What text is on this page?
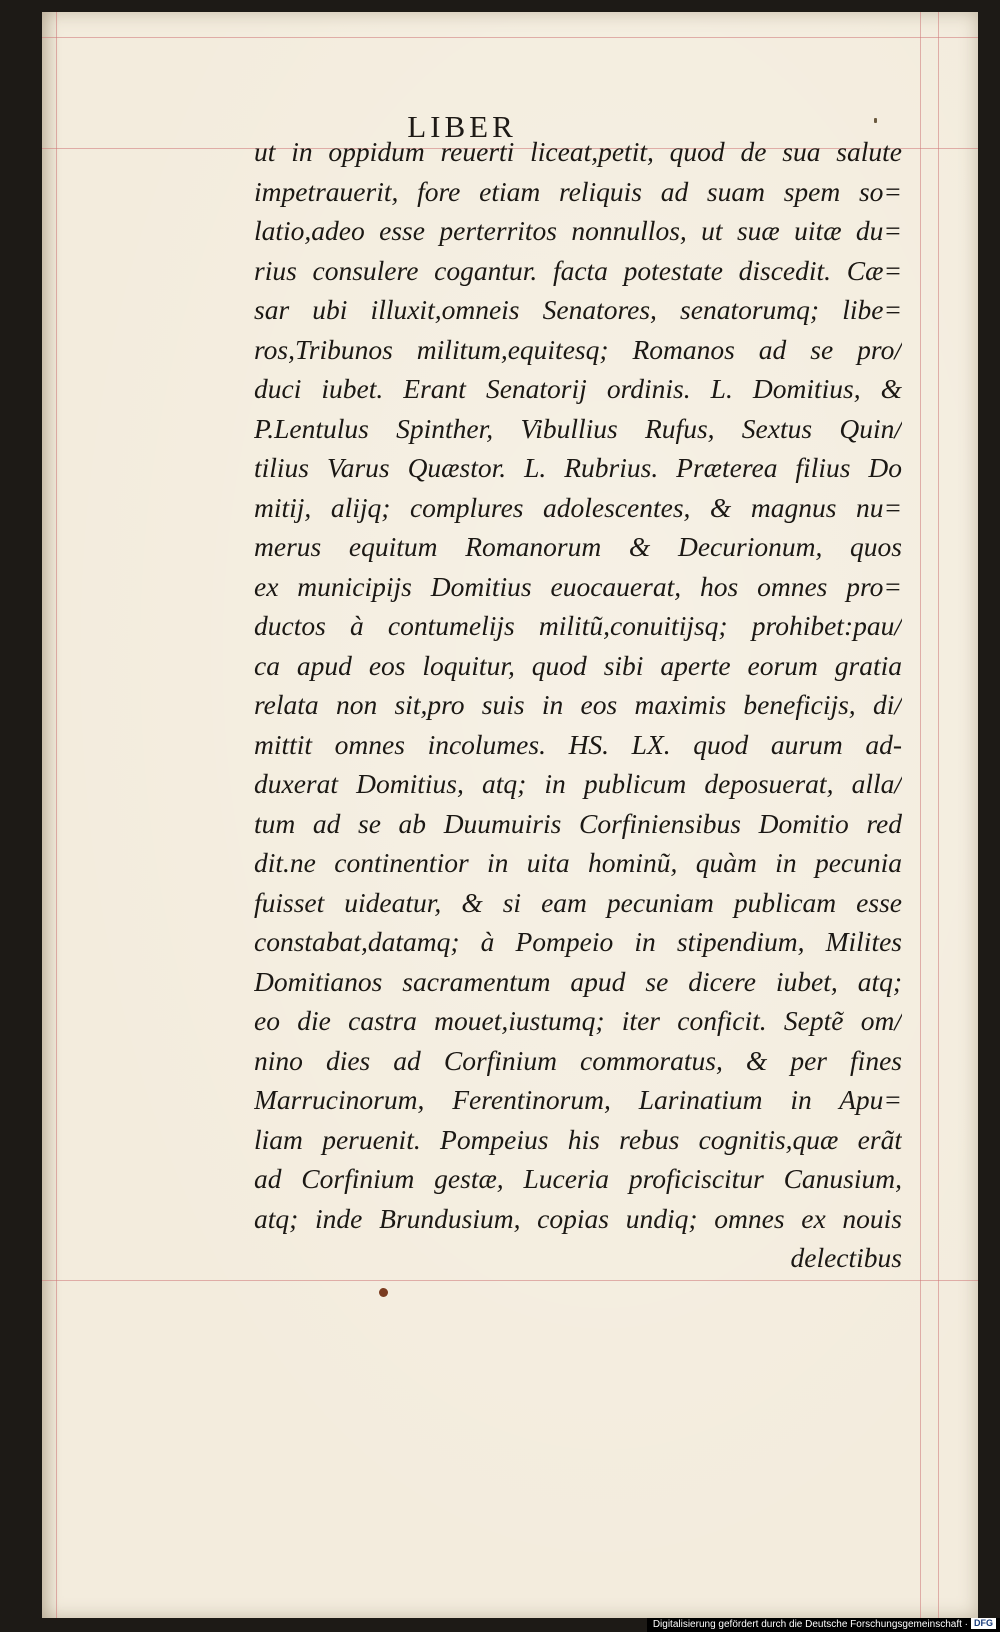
LIBER
ut in oppidum reuerti liceat,petit, quod de sua salute
impetrauerit, fore etiam reliquis ad suam spem so=
latio,adeo esse perterritos nonnullos, ut suæ uitæ du=
rius consulere cogantur. facta potestate discedit. Cæ=
sar ubi illuxit,omneis Senatores, senatorumq; libe=
ros,Tribunos militum,equitesq; Romanos ad se pro/
duci iubet. Erant Senatorij ordinis. L. Domitius, &
P.Lentulus Spinther, Vibullius Rufus, Sextus Quin/
tilius Varus Quæstor. L. Rubrius. Præterea filius Do
mitij, alijq; complures adolescentes, & magnus nu=
merus equitum Romanorum & Decurionum, quos
ex municipijs Domitius euocauerat, hos omnes pro=
ductos à contumelijs militũ,conuitijsq; prohibet:pau/
ca apud eos loquitur, quod sibi aperte eorum gratia
relata non sit,pro suis in eos maximis beneficijs, di/
mittit omnes incolumes. HS. LX. quod aurum ad-
duxerat Domitius, atq; in publicum deposuerat, alla/
tum ad se ab Duumuiris Corfiniensibus Domitio red
dit.ne continentior in uita hominũ, quàm in pecunia
fuisset uideatur, & si eam pecuniam publicam esse
constabat,datamq; à Pompeio in stipendium, Milites
Domitianos sacramentum apud se dicere iubet, atq;
eo die castra mouet,iustumq; iter conficit. Septẽ om/
nino dies ad Corfinium commoratus, & per fines
Marrucinorum, Ferentinorum, Larinatium in Apu=
liam peruenit. Pompeius his rebus cognitis,quæ erãt
ad Corfinium gestæ, Luceria proficiscitur Canusium,
atq; inde Brundusium, copias undiq; omnes ex nouis
delectibus
Digitalisierung gefördert durch die Deutsche Forschungsgemeinschaft · DFG
